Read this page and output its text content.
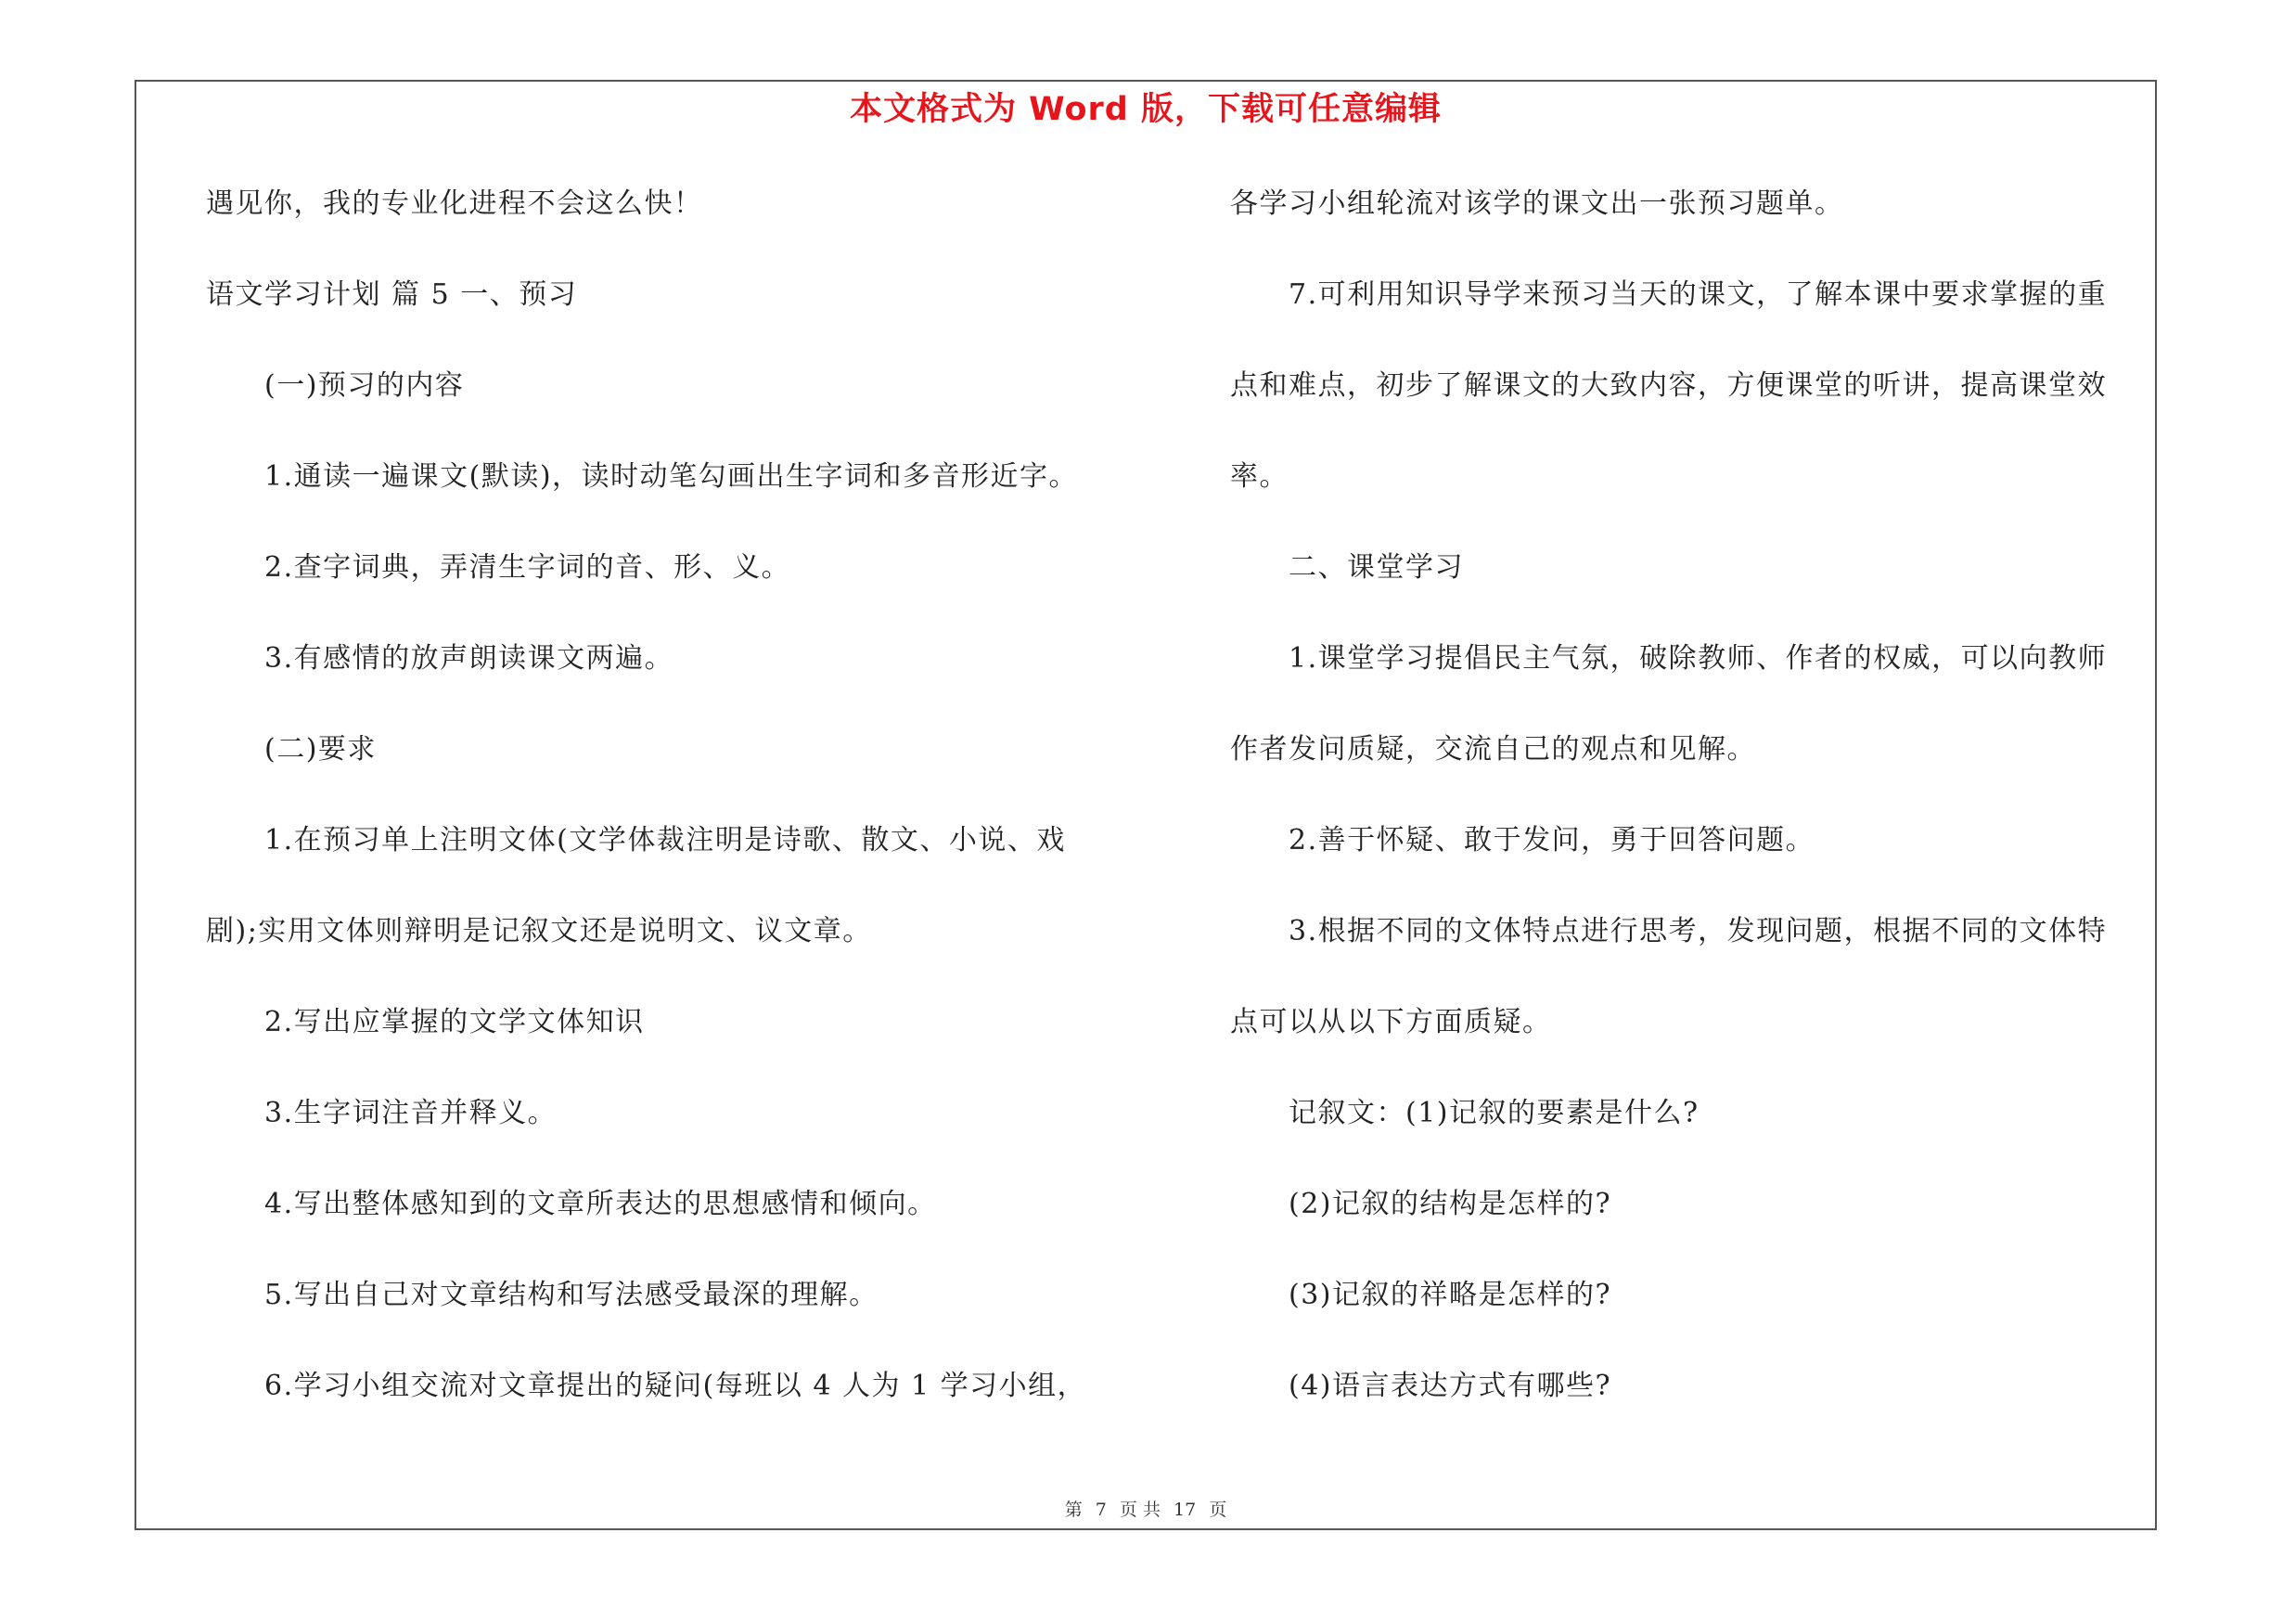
本文格式为 Word 版，下载可任意编辑
遇见你，我的专业化进程不会这么快！
语文学习计划 篇 5 一、预习
(一)预习的内容
1.通读一遍课文(默读)，读时动笔勾画出生字词和多音形近字。
2.查字词典，弄清生字词的音、形、义。
3.有感情的放声朗读课文两遍。
(二)要求
1.在预习单上注明文体(文学体裁注明是诗歌、散文、小说、戏
剧);实用文体则辩明是记叙文还是说明文、议文章。
2.写出应掌握的文学文体知识
3.生字词注音并释义。
4.写出整体感知到的文章所表达的思想感情和倾向。
5.写出自己对文章结构和写法感受最深的理解。
6.学习小组交流对文章提出的疑问(每班以 4 人为 1 学习小组，
各学习小组轮流对该学的课文出一张预习题单。
7.可利用知识导学来预习当天的课文，了解本课中要求掌握的重
点和难点，初步了解课文的大致内容，方便课堂的听讲，提高课堂效
率。
二、课堂学习
1.课堂学习提倡民主气氛，破除教师、作者的权威，可以向教师
作者发问质疑，交流自己的观点和见解。
2.善于怀疑、敢于发问，勇于回答问题。
3.根据不同的文体特点进行思考，发现问题，根据不同的文体特
点可以从以下方面质疑。
记叙文：(1)记叙的要素是什么?
(2)记叙的结构是怎样的?
(3)记叙的祥略是怎样的?
(4)语言表达方式有哪些?
第 7 页 共 17 页
